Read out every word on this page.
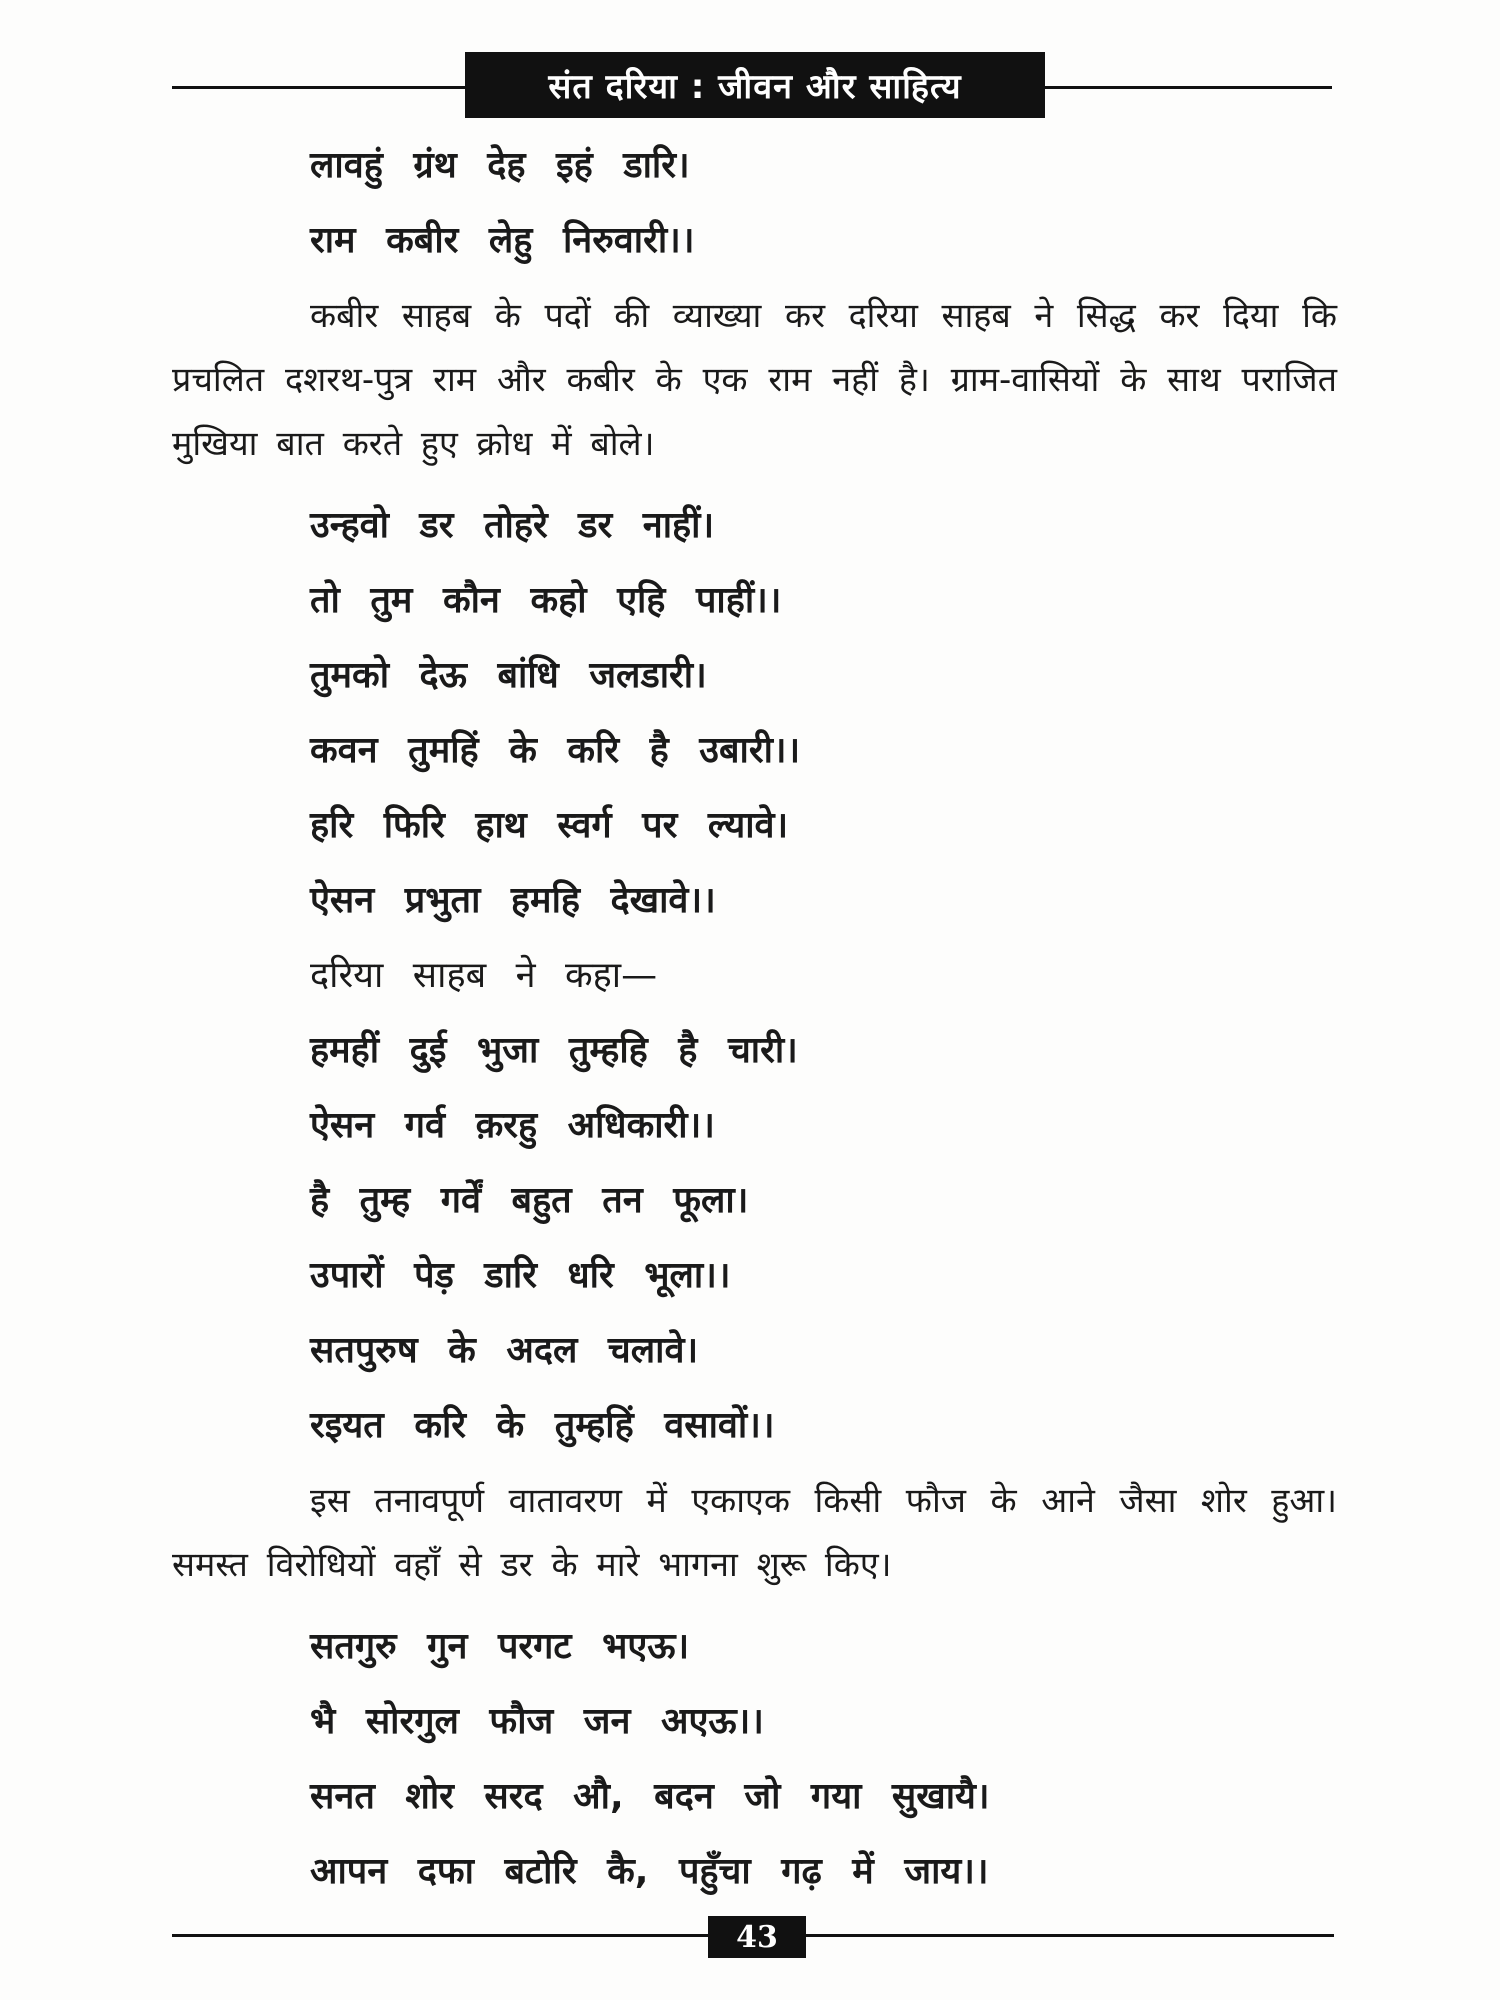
संत दरिया : जीवन और साहित्य
लावहुं ग्रंथ देह इहं डारि।
राम कबीर लेहु निरुवारी।।
कबीर साहब के पदों की व्याख्या कर दरिया साहब ने सिद्ध कर दिया कि प्रचलित दशरथ-पुत्र राम और कबीर के एक राम नहीं है। ग्राम-वासियों के साथ पराजित मुखिया बात करते हुए क्रोध में बोले।
उन्हवो डर तोहरे डर नाहीं।
तो तुम कौन कहो एहि पाहीं।।
तुमको देऊ बांधि जलडारी।
कवन तुमहिं के करि है उबारी।।
हरि फिरि हाथ स्वर्ग पर ल्यावे।
ऐसन प्रभुता हमहि देखावे।।
दरिया साहब ने कहा—
हमहीं दुई भुजा तुम्हहि है चारी।
ऐसन गर्व क़रहु अधिकारी।।
है तुम्ह गर्वें बहुत तन फूला।
उपारों पेड़ डारि धरि भूला।।
सतपुरुष के अदल चलावे।
रइयत करि के तुम्हहिं वसावों।।
इस तनावपूर्ण वातावरण में एकाएक किसी फौज के आने जैसा शोर हुआ। समस्त विरोधियों वहाँ से डर के मारे भागना शुरू किए।
सतगुरु गुन परगट भएऊ।
भै सोरगुल फौज जन अएऊ।।
सनत शोर सरद औ, बदन जो गया सुखायै।
आपन दफा बटोरि कै, पहुँचा गढ़ में जाय।।
43
